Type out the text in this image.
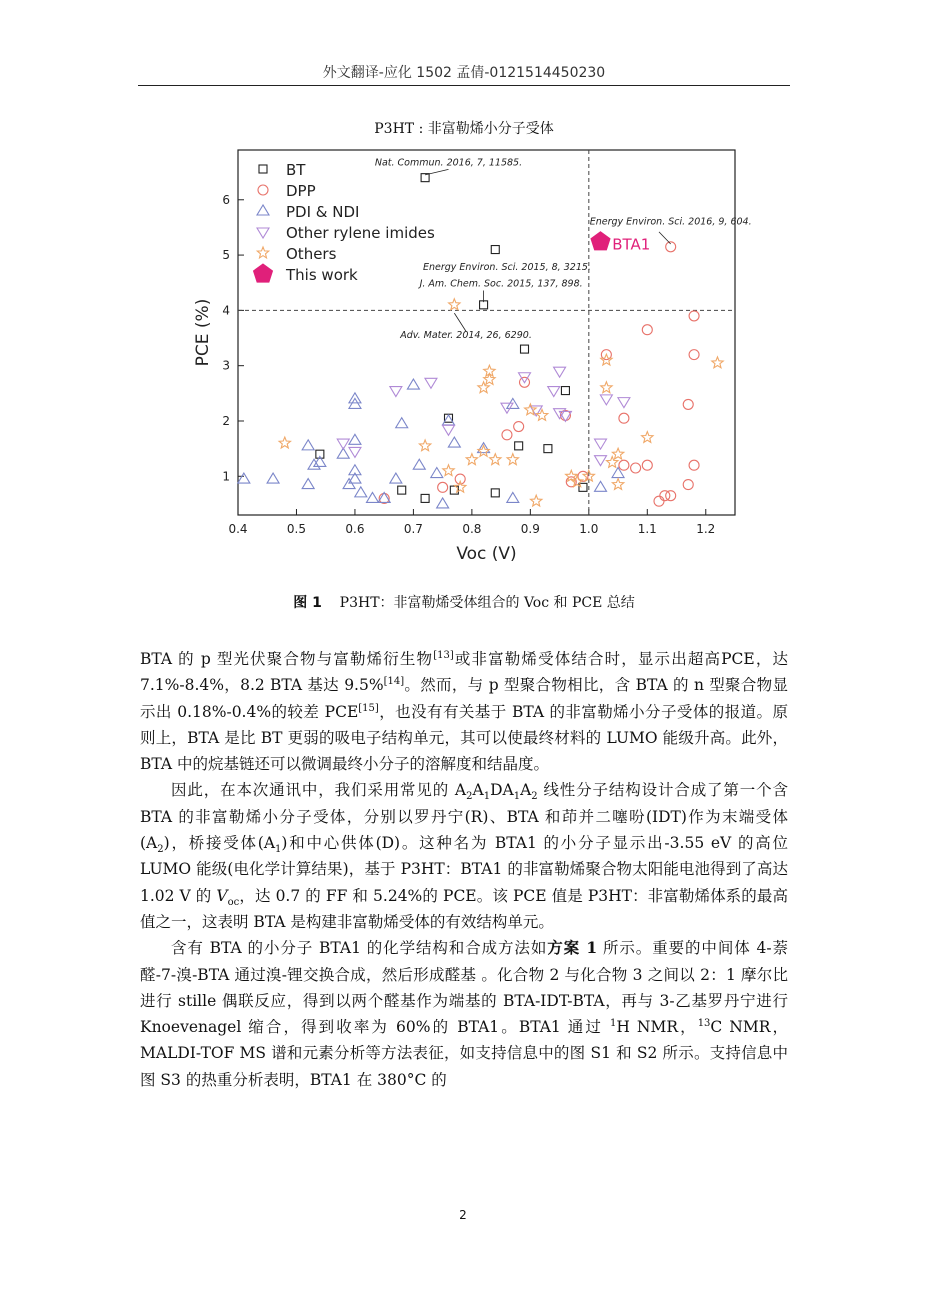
外文翻译-应化 1502 孟倩-0121514450230
P3HT : 非富勒烯小分子受体
0.4	0.5	0.6	0.7	0.8	0.9	1.0	1.1	1.2
1
2
3
4
5
6
Voc (V)
PCE (%)
BT
DPP
PDI & NDI
Other rylene imides
Others
This work
Nat. Commun. 2016, 7, 11585.
Energy Environ. Sci. 2016, 9, 604.
Energy Environ. Sci. 2015, 8, 3215.
J. Am. Chem. Soc. 2015, 137, 898.
Adv. Mater. 2014, 26, 6290.
BTA1
图 1 P3HT：非富勒烯受体组合的 Voc 和 PCE 总结

BTA 的 p 型光伏聚合物与富勒烯衍生物[13]或非富勒烯受体结合时，显示出超高PCE，达 7.1%-8.4%，8.2 BTA 基达 9.5%[14]。然而，与 p 型聚合物相比，含 BTA 的 n 型聚合物显示出 0.18%-0.4%的较差 PCE[15]，也没有有关基于 BTA 的非富勒烯小分子受体的报道。原则上，BTA 是比 BT 更弱的吸电子结构单元，其可以使最终材料的 LUMO 能级升高。此外，BTA 中的烷基链还可以微调最终小分子的溶解度和结晶度。

因此，在本次通讯中，我们采用常见的 $A_2A_1DA_1A_2$ 线性分子结构设计合成了第一个含 BTA 的非富勒烯小分子受体，分别以罗丹宁(R)、BTA 和茚并二噻吩(IDT)作为末端受体$(A_2)$，桥接受体$(A_1)$和中心供体(D)。这种名为 BTA1 的小分子显示出-3.55 eV 的高位 LUMO 能级(电化学计算结果)，基于 P3HT：BTA1 的非富勒烯聚合物太阳能电池得到了高达 1.02 V 的 $V_{oc}$，达 0.7 的 FF 和 5.24%的 PCE。该 PCE 值是 P3HT：非富勒烯体系的最高值之一，这表明 BTA 是构建非富勒烯受体的有效结构单元。

含有 BTA 的小分子 BTA1 的化学结构和合成方法如方案 1 所示。重要的中间体 4-萘醛-7-溴-BTA 通过溴-锂交换合成，然后形成醛基 。化合物 2 与化合物 3 之间以 2：1 摩尔比进行 stille 偶联反应，得到以两个醛基作为端基的 BTA-IDT-BTA，再与 3-乙基罗丹宁进行 Knoevenagel 缩合，得到收率为 60%的 BTA1。BTA1 通过 $^1$H NMR，$^{13}$C NMR，MALDI-TOF MS 谱和元素分析等方法表征，如支持信息中的图 S1 和 S2 所示。支持信息中图 S3 的热重分析表明，BTA1 在 380°C 的

2
